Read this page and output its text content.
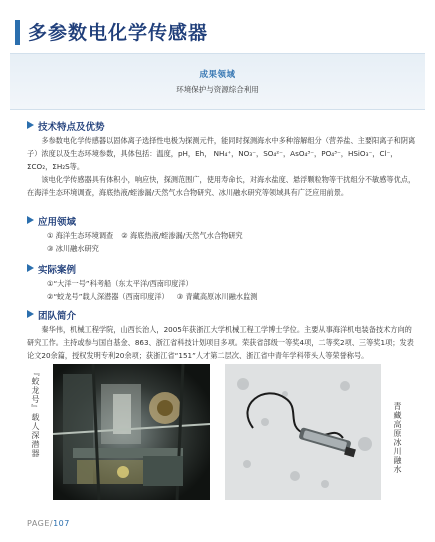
多参数电化学传感器
成果领域
环境保护与资源综合利用
技术特点及优势
多参数电化学传感器以固体离子选择性电极为探测元件，能同时探测海水中多种溶解组分（营养盐、主要阳离子和阴离子）浓度以及生态环境参数，具体包括：温度，pH，Eh， NH₄⁺，NO₃⁻，SO₄²⁻，AsO₄³⁻，PO₄³⁻，HSiO₃⁻，Cl⁻，ΣCO₂，ΣH₂S等。
该电化学传感器具有体积小，响应快，探测范围广，使用寿命长，对海水盐度、悬浮颗粒物等干扰组分不敏感等优点，在海洋生态环境调查，海底热液/蛭渗漏/天然气水合物研究、冰川融水研究等领域具有广泛应用前景。
应用领域
① 海洋生态环境调查 ② 海底热液/蛭渗漏/天然气水合物研究
③ 冰川融水研究
实际案例
①“大洋一号”科考船（东太平洋/西南印度洋）
②“蛟龙号”载人深潜器（西南印度洋） ③ 青藏高原冰川融水监测
团队简介
秦华伟，机械工程学院，山西长治人，2005年获浙江大学机械工程工学博士学位。主要从事海洋机电装备技术方向的研究工作。主持或参与国自基金、863、浙江省科技计划项目多项。荣获省部级一等奖4项，二等奖2项、三等奖1项；发表论文20余篇，授权发明专利20余项；获浙江省“151”人才第二层次、浙江省中青年学科带头人等荣誉称号。
『蛟龙号』载人深潜器	青藏高原冰川融水
PAGE/107
